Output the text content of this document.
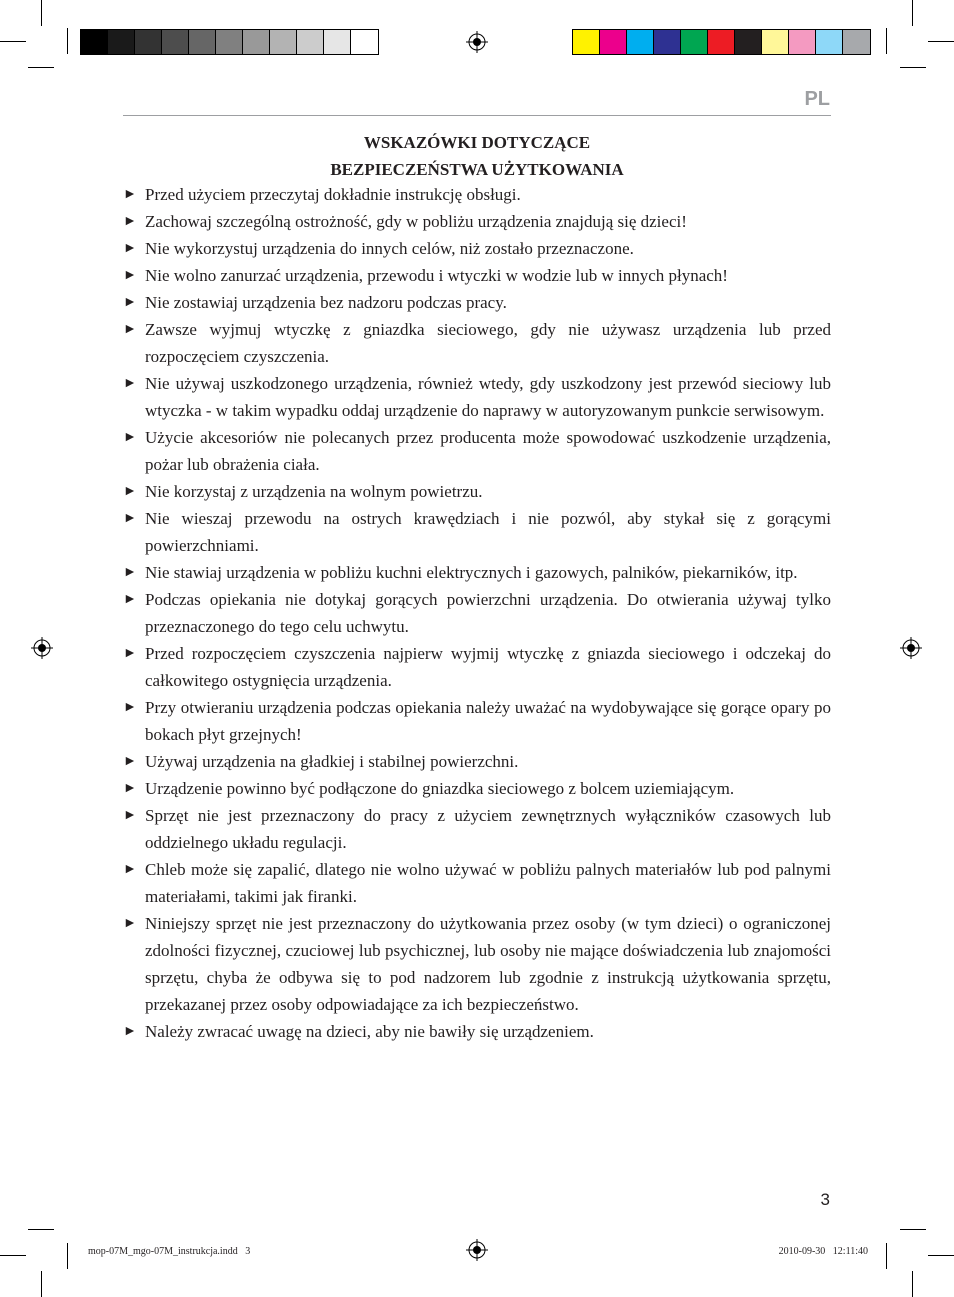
PL
WSKAZÓWKI DOTYCZĄCE
BEZPIECZEŃSTWA UŻYTKOWANIA
► Przed użyciem przeczytaj dokładnie instrukcję obsługi.
► Zachowaj szczególną ostrożność, gdy w pobliżu urządzenia znajdują się dzieci!
► Nie wykorzystuj urządzenia do innych celów, niż zostało przeznaczone.
► Nie wolno zanurzać urządzenia, przewodu i wtyczki w wodzie lub w innych płynach!
► Nie zostawiaj urządzenia bez nadzoru podczas pracy.
► Zawsze wyjmuj wtyczkę z gniazdka sieciowego, gdy nie używasz urządzenia lub przed rozpoczęciem czyszczenia.
► Nie używaj uszkodzonego urządzenia, również wtedy, gdy uszkodzony jest przewód sieciowy lub wtyczka - w takim wypadku oddaj urządzenie do naprawy w autoryzowanym punkcie serwisowym.
► Użycie akcesoriów nie polecanych przez producenta może spowodować uszkodzenie urządzenia, pożar lub obrażenia ciała.
► Nie korzystaj z urządzenia na wolnym powietrzu.
► Nie wieszaj przewodu na ostrych krawędziach i nie pozwól, aby stykał się z gorącymi powierzchniami.
► Nie stawiaj urządzenia w pobliżu kuchni elektrycznych i gazowych, palników, piekarników, itp.
► Podczas opiekania nie dotykaj gorących powierzchni urządzenia. Do otwierania używaj tylko przeznaczonego do tego celu uchwytu.
► Przed rozpoczęciem czyszczenia najpierw wyjmij wtyczkę z gniazda sieciowego i odczekaj do całkowitego ostygnięcia urządzenia.
► Przy otwieraniu urządzenia podczas opiekania należy uważać na wydobywające się gorące opary po bokach płyt grzejnych!
► Używaj urządzenia na gładkiej i stabilnej powierzchni.
► Urządzenie powinno być podłączone do gniazdka sieciowego z bolcem uziemiającym.
► Sprzęt nie jest przeznaczony do pracy z użyciem zewnętrznych wyłączników czasowych lub oddzielnego układu regulacji.
► Chleb może się zapalić, dlatego nie wolno używać w pobliżu palnych materiałów lub pod palnymi materiałami, takimi jak firanki.
► Niniejszy sprzęt nie jest przeznaczony do użytkowania przez osoby (w tym dzieci) o ograniczonej zdolności fizycznej, czuciowej lub psychicznej, lub osoby nie mające doświadczenia lub znajomości sprzętu, chyba że odbywa się to pod nadzorem lub zgodnie z instrukcją użytkowania sprzętu, przekazanej przez osoby odpowiadające za ich bezpieczeństwo.
► Należy zwracać uwagę na dzieci, aby nie bawiły się urządzeniem.
3
mop-07M_mgo-07M_instrukcja.indd   3	2010-09-30   12:11:40
